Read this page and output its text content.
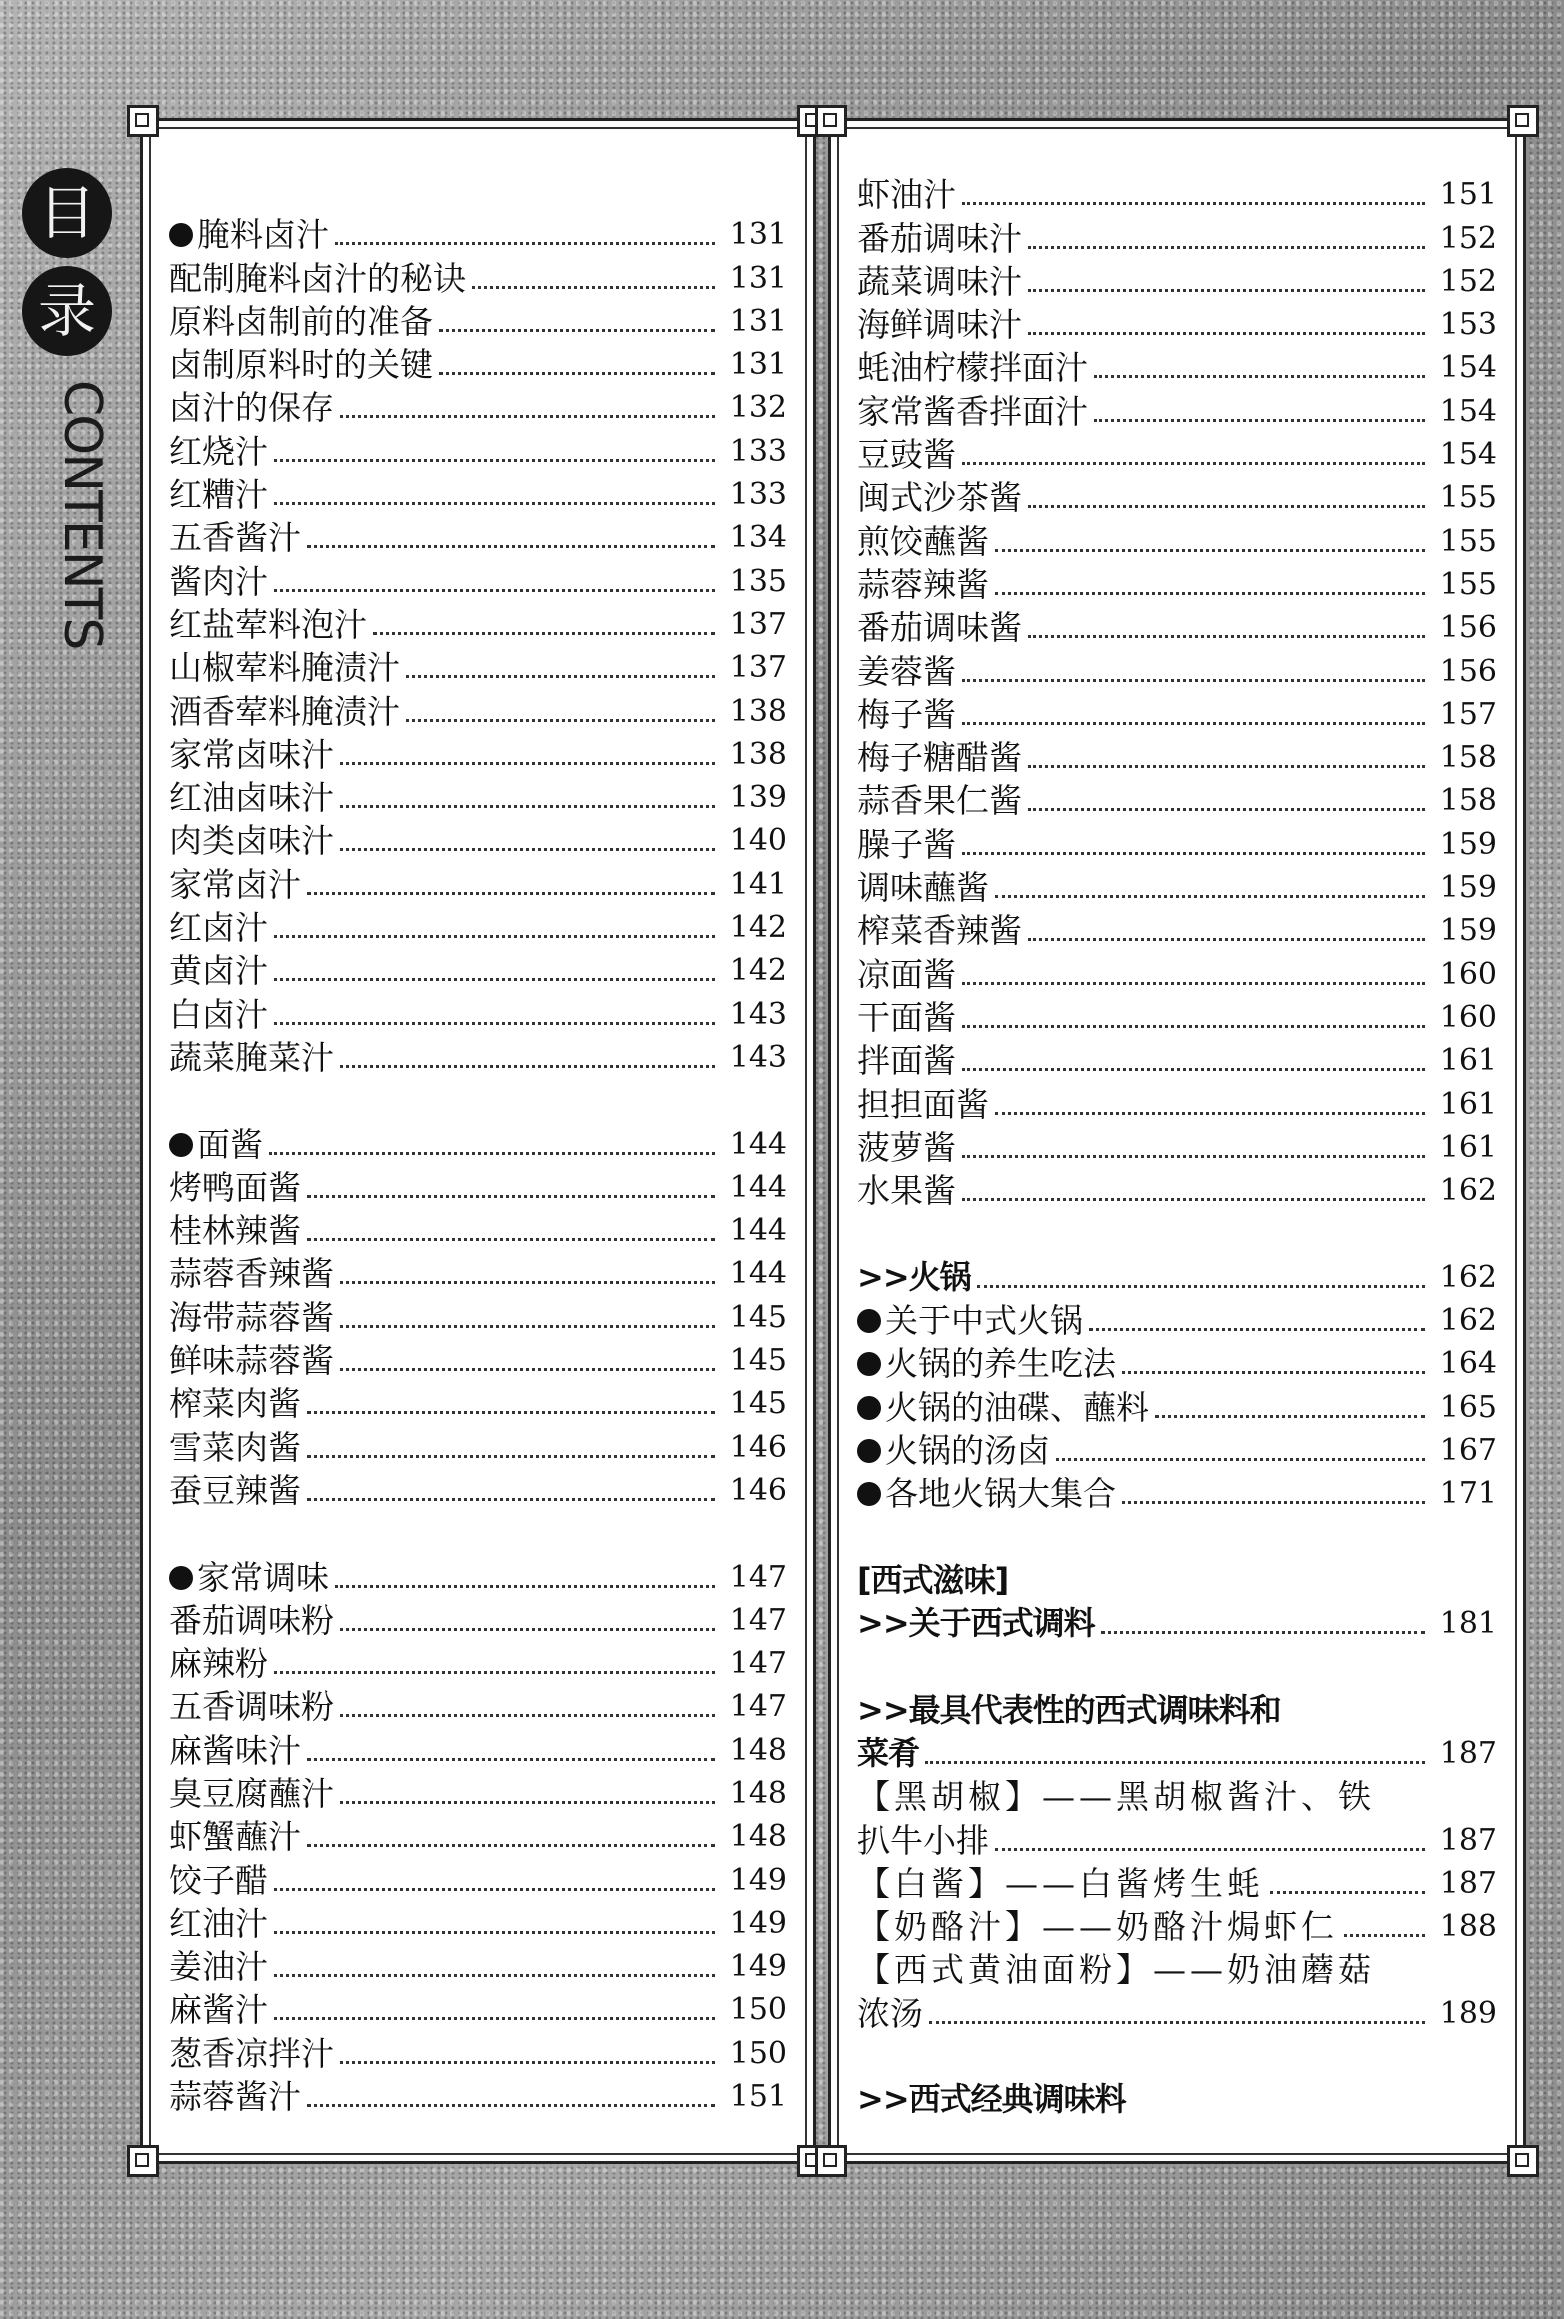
目
录
CONTENTS
腌料卤汁	131
配制腌料卤汁的秘诀	131
原料卤制前的准备	131
卤制原料时的关键	131
卤汁的保存	132
红烧汁	133
红糟汁	133
五香酱汁	134
酱肉汁	135
红盐荤料泡汁	137
山椒荤料腌渍汁	137
酒香荤料腌渍汁	138
家常卤味汁	138
红油卤味汁	139
肉类卤味汁	140
家常卤汁	141
红卤汁	142
黄卤汁	142
白卤汁	143
蔬菜腌菜汁	143
面酱	144
烤鸭面酱	144
桂林辣酱	144
蒜蓉香辣酱	144
海带蒜蓉酱	145
鲜味蒜蓉酱	145
榨菜肉酱	145
雪菜肉酱	146
蚕豆辣酱	146
家常调味	147
番茄调味粉	147
麻辣粉	147
五香调味粉	147
麻酱味汁	148
臭豆腐蘸汁	148
虾蟹蘸汁	148
饺子醋	149
红油汁	149
姜油汁	149
麻酱汁	150
葱香凉拌汁	150
蒜蓉酱汁	151
虾油汁	151
番茄调味汁	152
蔬菜调味汁	152
海鲜调味汁	153
蚝油柠檬拌面汁	154
家常酱香拌面汁	154
豆豉酱	154
闽式沙茶酱	155
煎饺蘸酱	155
蒜蓉辣酱	155
番茄调味酱	156
姜蓉酱	156
梅子酱	157
梅子糖醋酱	158
蒜香果仁酱	158
臊子酱	159
调味蘸酱	159
榨菜香辣酱	159
凉面酱	160
干面酱	160
拌面酱	161
担担面酱	161
菠萝酱	161
水果酱	162
>>火锅	162
关于中式火锅	162
火锅的养生吃法	164
火锅的油碟、蘸料	165
火锅的汤卤	167
各地火锅大集合	171
[西式滋味]
>>关于西式调料	181
>>最具代表性的西式调味料和
菜肴	187
【黑胡椒】——黑胡椒酱汁、铁
扒牛小排	187
【白酱】——白酱烤生蚝	187
【奶酪汁】——奶酪汁焗虾仁	188
【西式黄油面粉】——奶油蘑菇
浓汤	189
>>西式经典调味料
